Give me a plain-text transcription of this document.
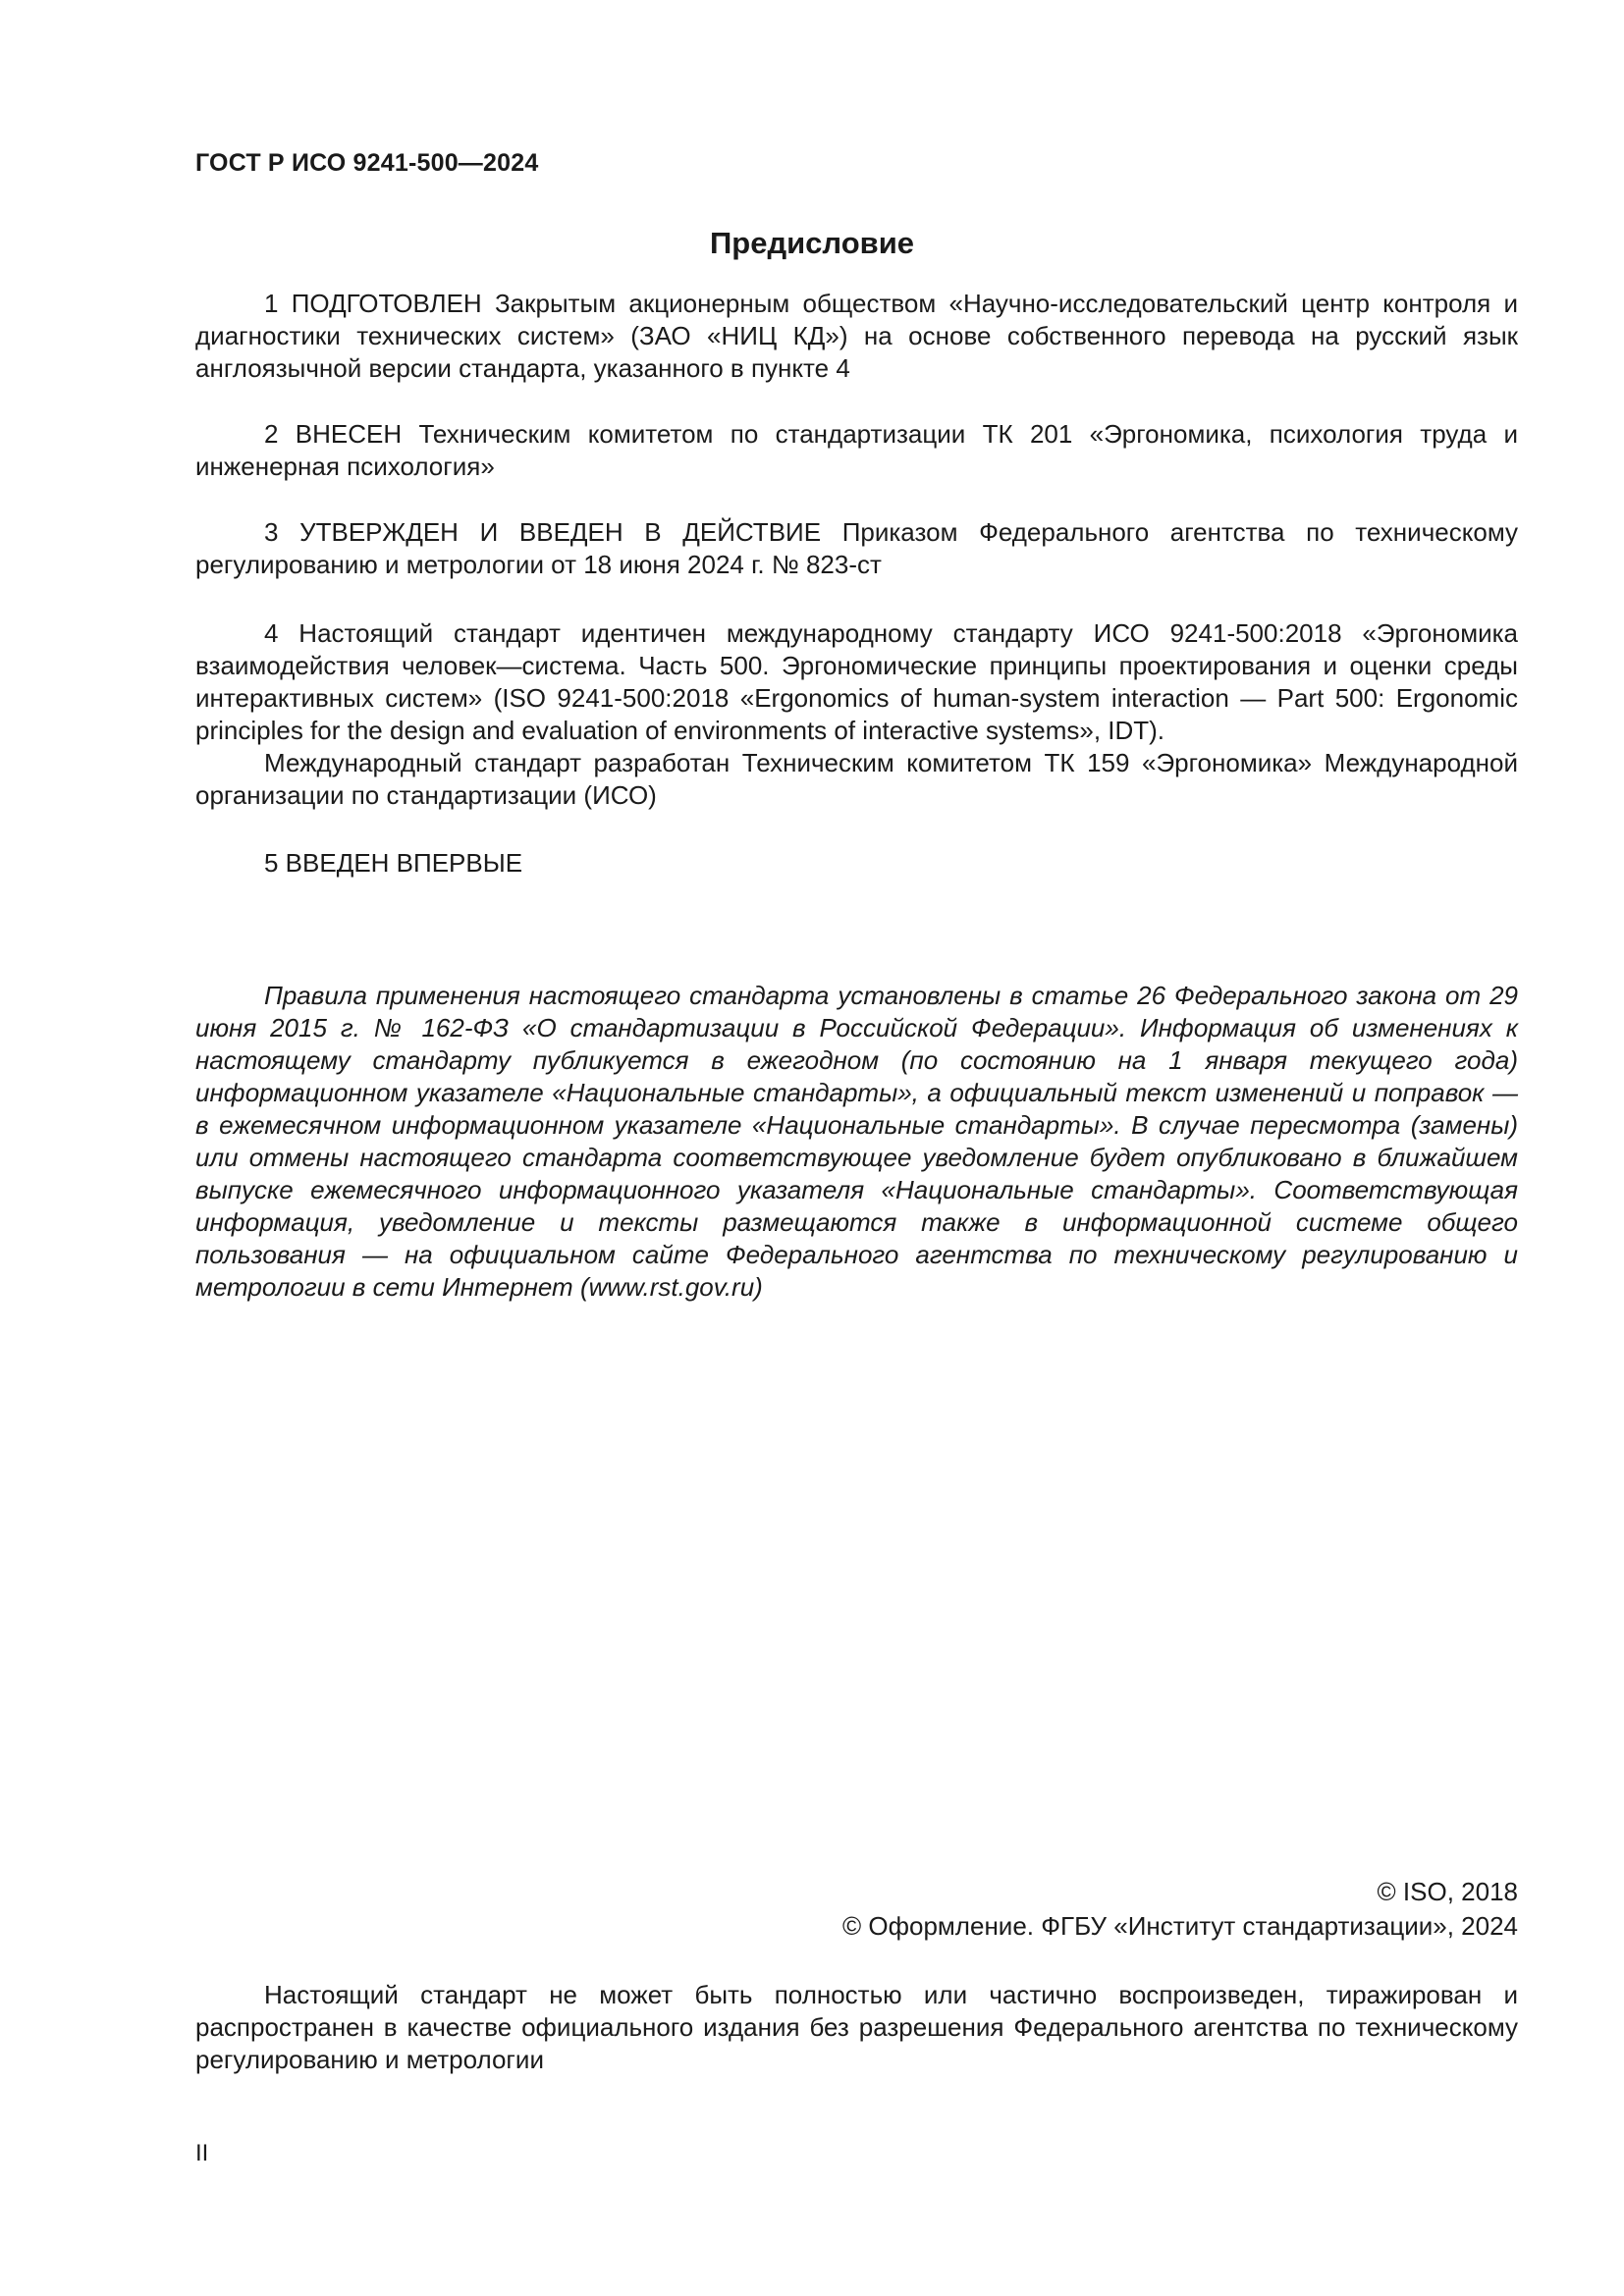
ГОСТ Р ИСО 9241-500—2024
Предисловие

1 ПОДГОТОВЛЕН Закрытым акционерным обществом «Научно-исследовательский центр контроля и диагностики технических систем» (ЗАО «НИЦ КД») на основе собственного перевода на русский язык англоязычной версии стандарта, указанного в пункте 4

2 ВНЕСЕН Техническим комитетом по стандартизации ТК 201 «Эргономика, психология труда и инженерная психология»

3 УТВЕРЖДЕН И ВВЕДЕН В ДЕЙСТВИЕ Приказом Федерального агентства по техническому регулированию и метрологии от 18 июня 2024 г. № 823-ст

4 Настоящий стандарт идентичен международному стандарту ИСО 9241-500:2018 «Эргономика взаимодействия человек—система. Часть 500. Эргономические принципы проектирования и оценки среды интерактивных систем» (ISO 9241-500:2018 «Ergonomics of human-system interaction — Part 500: Ergonomic principles for the design and evaluation of environments of interactive systems», IDT).

Международный стандарт разработан Техническим комитетом ТК 159 «Эргономика» Международной организации по стандартизации (ИСО)

5 ВВЕДЕН ВПЕРВЫЕ

Правила применения настоящего стандарта установлены в статье 26 Федерального закона от 29 июня 2015 г. № 162-ФЗ «О стандартизации в Российской Федерации». Информация об изменениях к настоящему стандарту публикуется в ежегодном (по состоянию на 1 января текущего года) информационном указателе «Национальные стандарты», а официальный текст изменений и поправок — в ежемесячном информационном указателе «Национальные стандарты». В случае пересмотра (замены) или отмены настоящего стандарта соответствующее уведомление будет опубликовано в ближайшем выпуске ежемесячного информационного указателя «Национальные стандарты». Соответствующая информация, уведомление и тексты размещаются также в информационной системе общего пользования — на официальном сайте Федерального агентства по техническому регулированию и метрологии в сети Интернет (www.rst.gov.ru)

© ISO, 2018
© Оформление. ФГБУ «Институт стандартизации», 2024

Настоящий стандарт не может быть полностью или частично воспроизведен, тиражирован и распространен в качестве официального издания без разрешения Федерального агентства по техническому регулированию и метрологии

II
